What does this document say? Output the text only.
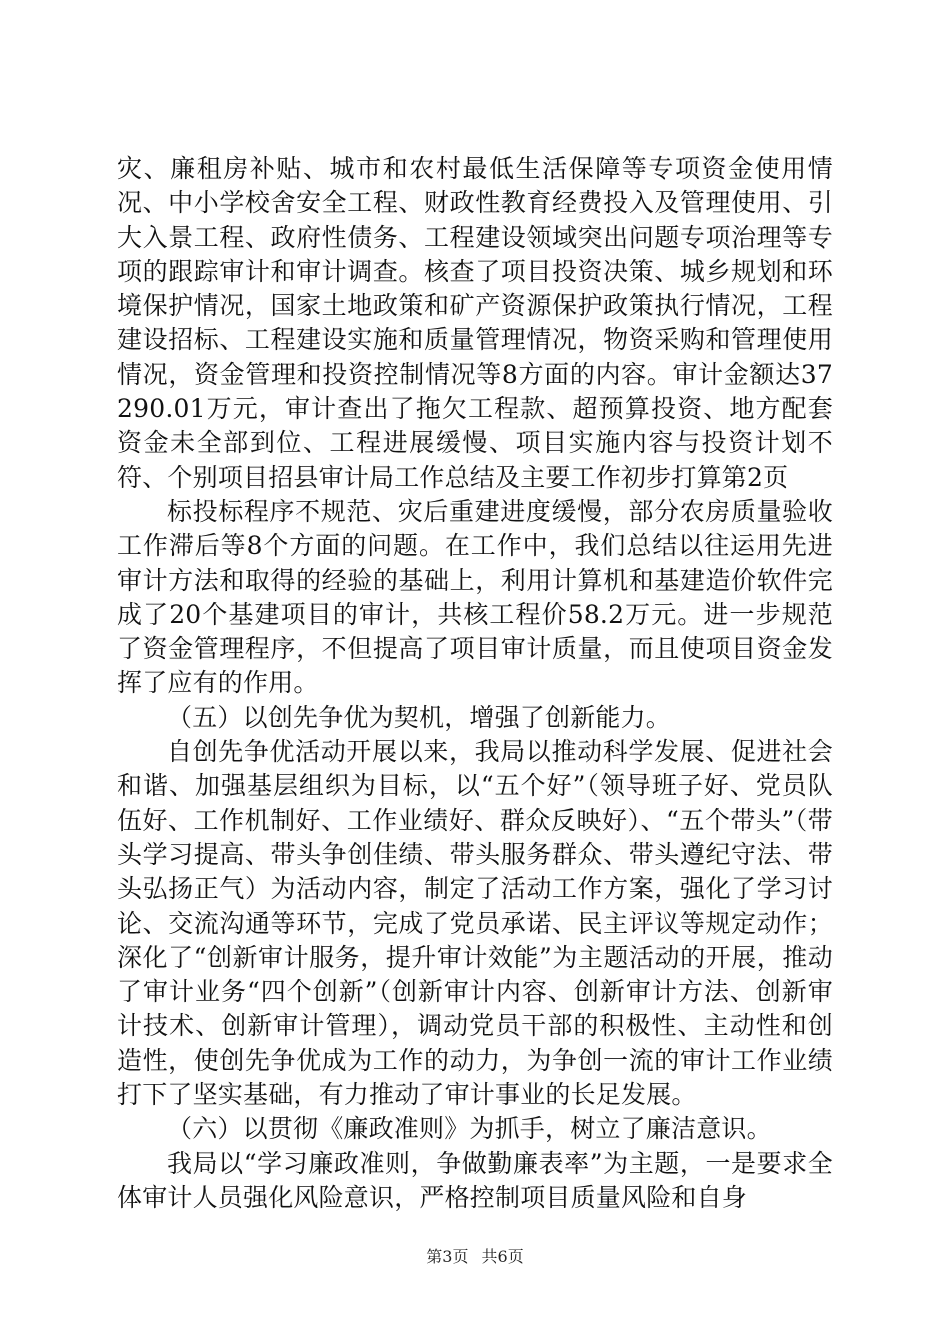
灾、廉租房补贴、城市和农村最低生活保障等专项资金使用情况、中小学校舍安全工程、财政性教育经费投入及管理使用、引大入景工程、政府性债务、工程建设领域突出问题专项治理等专项的跟踪审计和审计调查。核查了项目投资决策、城乡规划和环境保护情况，国家土地政策和矿产资源保护政策执行情况，工程建设招标、工程建设实施和质量管理情况，物资采购和管理使用情况，资金管理和投资控制情况等8方面的内容。审计金额达37290.01万元，审计查出了拖欠工程款、超预算投资、地方配套资金未全部到位、工程进展缓慢、项目实施内容与投资计划不符、个别项目招县审计局工作总结及主要工作初步打算第2页

标投标程序不规范、灾后重建进度缓慢，部分农房质量验收工作滞后等8个方面的问题。在工作中，我们总结以往运用先进审计方法和取得的经验的基础上，利用计算机和基建造价软件完成了20个基建项目的审计，共核工程价58.2万元。进一步规范了资金管理程序，不但提高了项目审计质量，而且使项目资金发挥了应有的作用。

（五）以创先争优为契机，增强了创新能力。

自创先争优活动开展以来，我局以推动科学发展、促进社会和谐、加强基层组织为目标，以“五个好”（领导班子好、党员队伍好、工作机制好、工作业绩好、群众反映好）、“五个带头”（带头学习提高、带头争创佳绩、带头服务群众、带头遵纪守法、带头弘扬正气）为活动内容，制定了活动工作方案，强化了学习讨论、交流沟通等环节，完成了党员承诺、民主评议等规定动作；深化了“创新审计服务，提升审计效能”为主题活动的开展，推动了审计业务“四个创新”（创新审计内容、创新审计方法、创新审计技术、创新审计管理），调动党员干部的积极性、主动性和创造性，使创先争优成为工作的动力，为争创一流的审计工作业绩打下了坚实基础，有力推动了审计事业的长足发展。

（六）以贯彻《廉政准则》为抓手，树立了廉洁意识。

我局以“学习廉政准则，争做勤廉表率”为主题，一是要求全体审计人员强化风险意识，严格控制项目质量风险和自身

第3页 共6页
